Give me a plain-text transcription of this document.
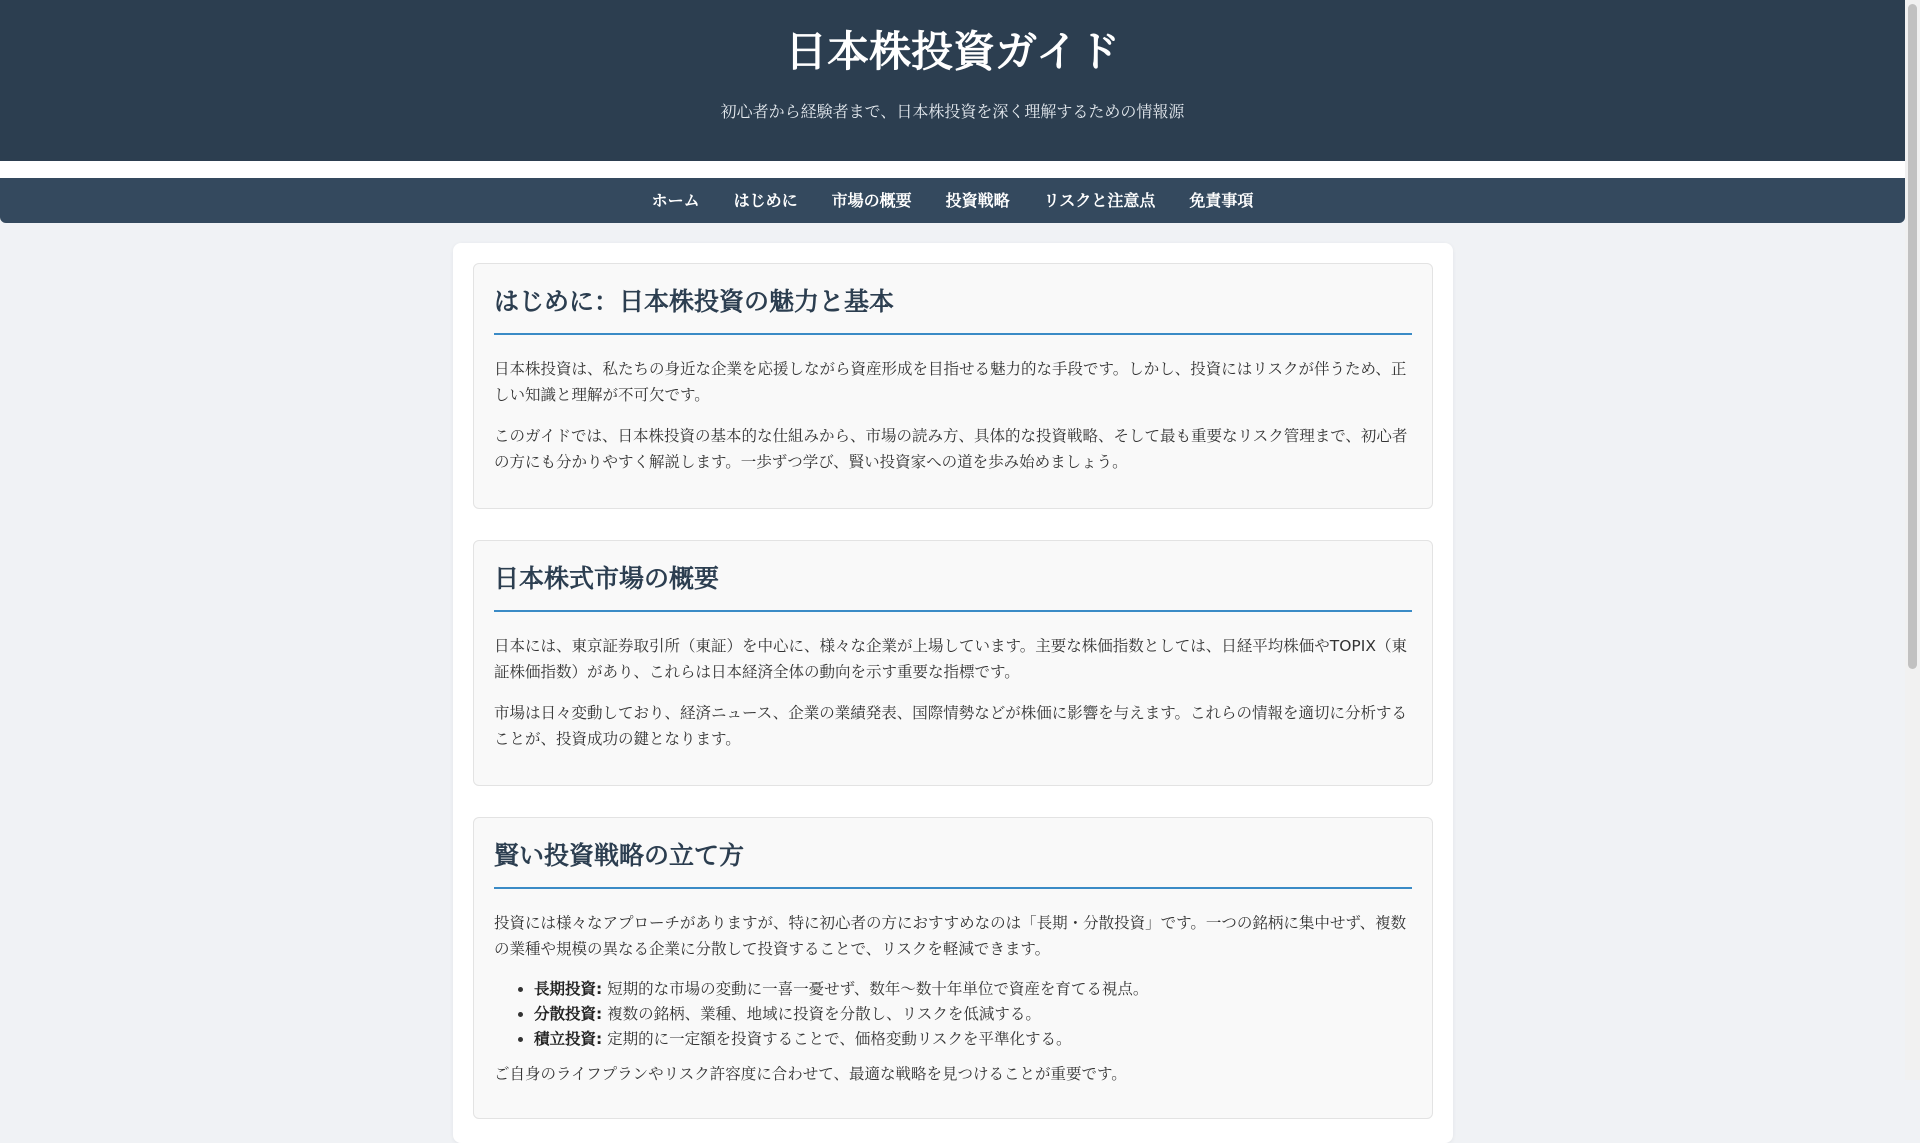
日本株投資ガイド
初心者から経験者まで、日本株投資を深く理解するための情報源
ホーム	はじめに	市場の概要	投資戦略	リスクと注意点	免責事項
はじめに：日本株投資の魅力と基本

日本株投資は、私たちの身近な企業を応援しながら資産形成を目指せる魅力的な手段です。しかし、投資にはリスクが伴うため、正しい知識と理解が不可欠です。

このガイドでは、日本株投資の基本的な仕組みから、市場の読み方、具体的な投資戦略、そして最も重要なリスク管理まで、初心者の方にも分かりやすく解説します。一歩ずつ学び、賢い投資家への道を歩み始めましょう。

日本株式市場の概要

日本には、東京証券取引所（東証）を中心に、様々な企業が上場しています。主要な株価指数としては、日経平均株価やTOPIX（東証株価指数）があり、これらは日本経済全体の動向を示す重要な指標です。

市場は日々変動しており、経済ニュース、企業の業績発表、国際情勢などが株価に影響を与えます。これらの情報を適切に分析することが、投資成功の鍵となります。

賢い投資戦略の立て方

投資には様々なアプローチがありますが、特に初心者の方におすすめなのは「長期・分散投資」です。一つの銘柄に集中せず、複数の業種や規模の異なる企業に分散して投資することで、リスクを軽減できます。

• 長期投資: 短期的な市場の変動に一喜一憂せず、数年～数十年単位で資産を育てる視点。
• 分散投資: 複数の銘柄、業種、地域に投資を分散し、リスクを低減する。
• 積立投資: 定期的に一定額を投資することで、価格変動リスクを平準化する。

ご自身のライフプランやリスク許容度に合わせて、最適な戦略を見つけることが重要です。
